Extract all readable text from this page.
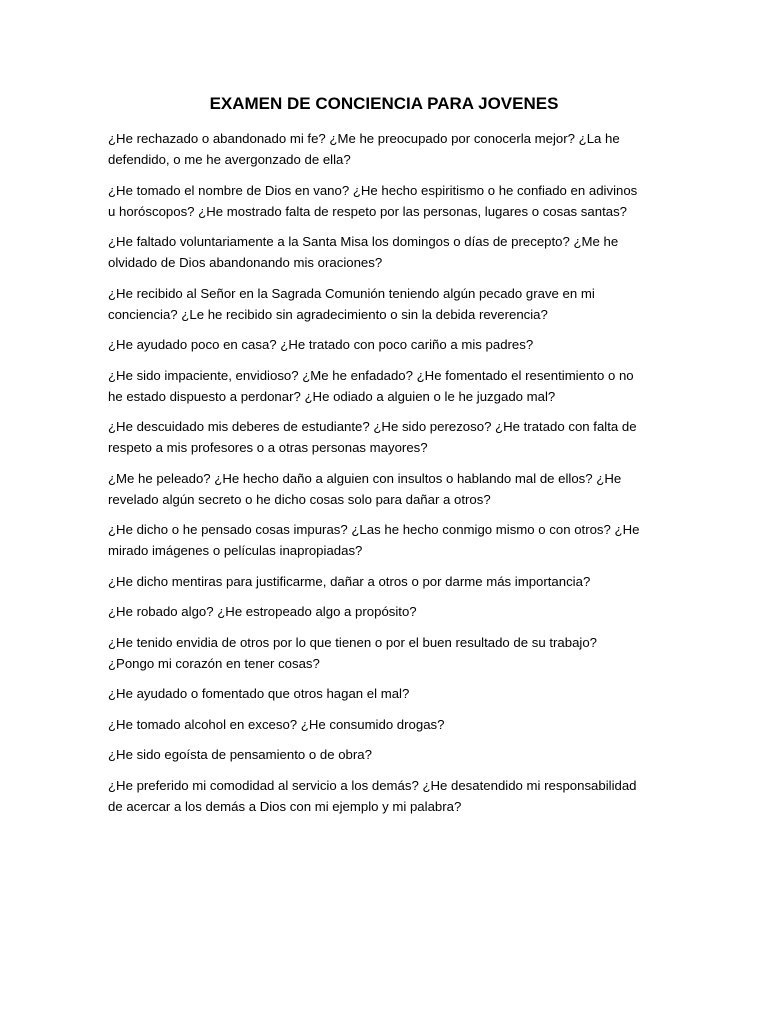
EXAMEN DE CONCIENCIA PARA JOVENES

¿He rechazado o abandonado mi fe? ¿Me he preocupado por conocerla mejor? ¿La he
defendido, o me he avergonzado de ella?

¿He tomado el nombre de Dios en vano? ¿He hecho espiritismo o he confiado en adivinos
u horóscopos? ¿He mostrado falta de respeto por las personas, lugares o cosas santas?

¿He faltado voluntariamente a la Santa Misa los domingos o días de precepto? ¿Me he
olvidado de Dios abandonando mis oraciones?

¿He recibido al Señor en la Sagrada Comunión teniendo algún pecado grave en mi
conciencia? ¿Le he recibido sin agradecimiento o sin la debida reverencia?

¿He ayudado poco en casa? ¿He tratado con poco cariño a mis padres?

¿He sido impaciente, envidioso? ¿Me he enfadado? ¿He fomentado el resentimiento o no
he estado dispuesto a perdonar? ¿He odiado a alguien o le he juzgado mal?

¿He descuidado mis deberes de estudiante? ¿He sido perezoso? ¿He tratado con falta de
respeto a mis profesores o a otras personas mayores?

¿Me he peleado? ¿He hecho daño a alguien con insultos o hablando mal de ellos? ¿He
revelado algún secreto o he dicho cosas solo para dañar a otros?

¿He dicho o he pensado cosas impuras? ¿Las he hecho conmigo mismo o con otros? ¿He
mirado imágenes o películas inapropiadas?

¿He dicho mentiras para justificarme, dañar a otros o por darme más importancia?

¿He robado algo? ¿He estropeado algo a propósito?

¿He tenido envidia de otros por lo que tienen o por el buen resultado de su trabajo?
¿Pongo mi corazón en tener cosas?

¿He ayudado o fomentado que otros hagan el mal?

¿He tomado alcohol en exceso? ¿He consumido drogas?

¿He sido egoísta de pensamiento o de obra?

¿He preferido mi comodidad al servicio a los demás? ¿He desatendido mi responsabilidad
de acercar a los demás a Dios con mi ejemplo y mi palabra?
